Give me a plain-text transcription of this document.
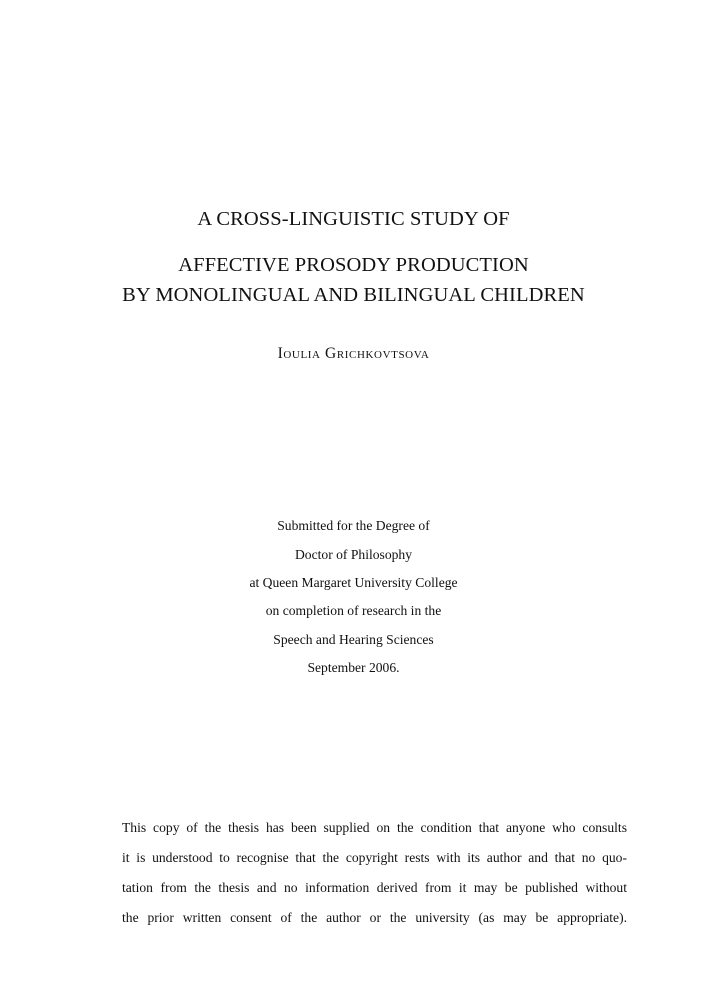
A CROSS-LINGUISTIC STUDY OF
AFFECTIVE PROSODY PRODUCTION
BY MONOLINGUAL AND BILINGUAL CHILDREN
Ioulia Grichkovtsova
Submitted for the Degree of
Doctor of Philosophy
at Queen Margaret University College
on completion of research in the
Speech and Hearing Sciences
September 2006.
This copy of the thesis has been supplied on the condition that anyone who consults
it is understood to recognise that the copyright rests with its author and that no quo-
tation from the thesis and no information derived from it may be published without
the prior written consent of the author or the university (as may be appropriate).
